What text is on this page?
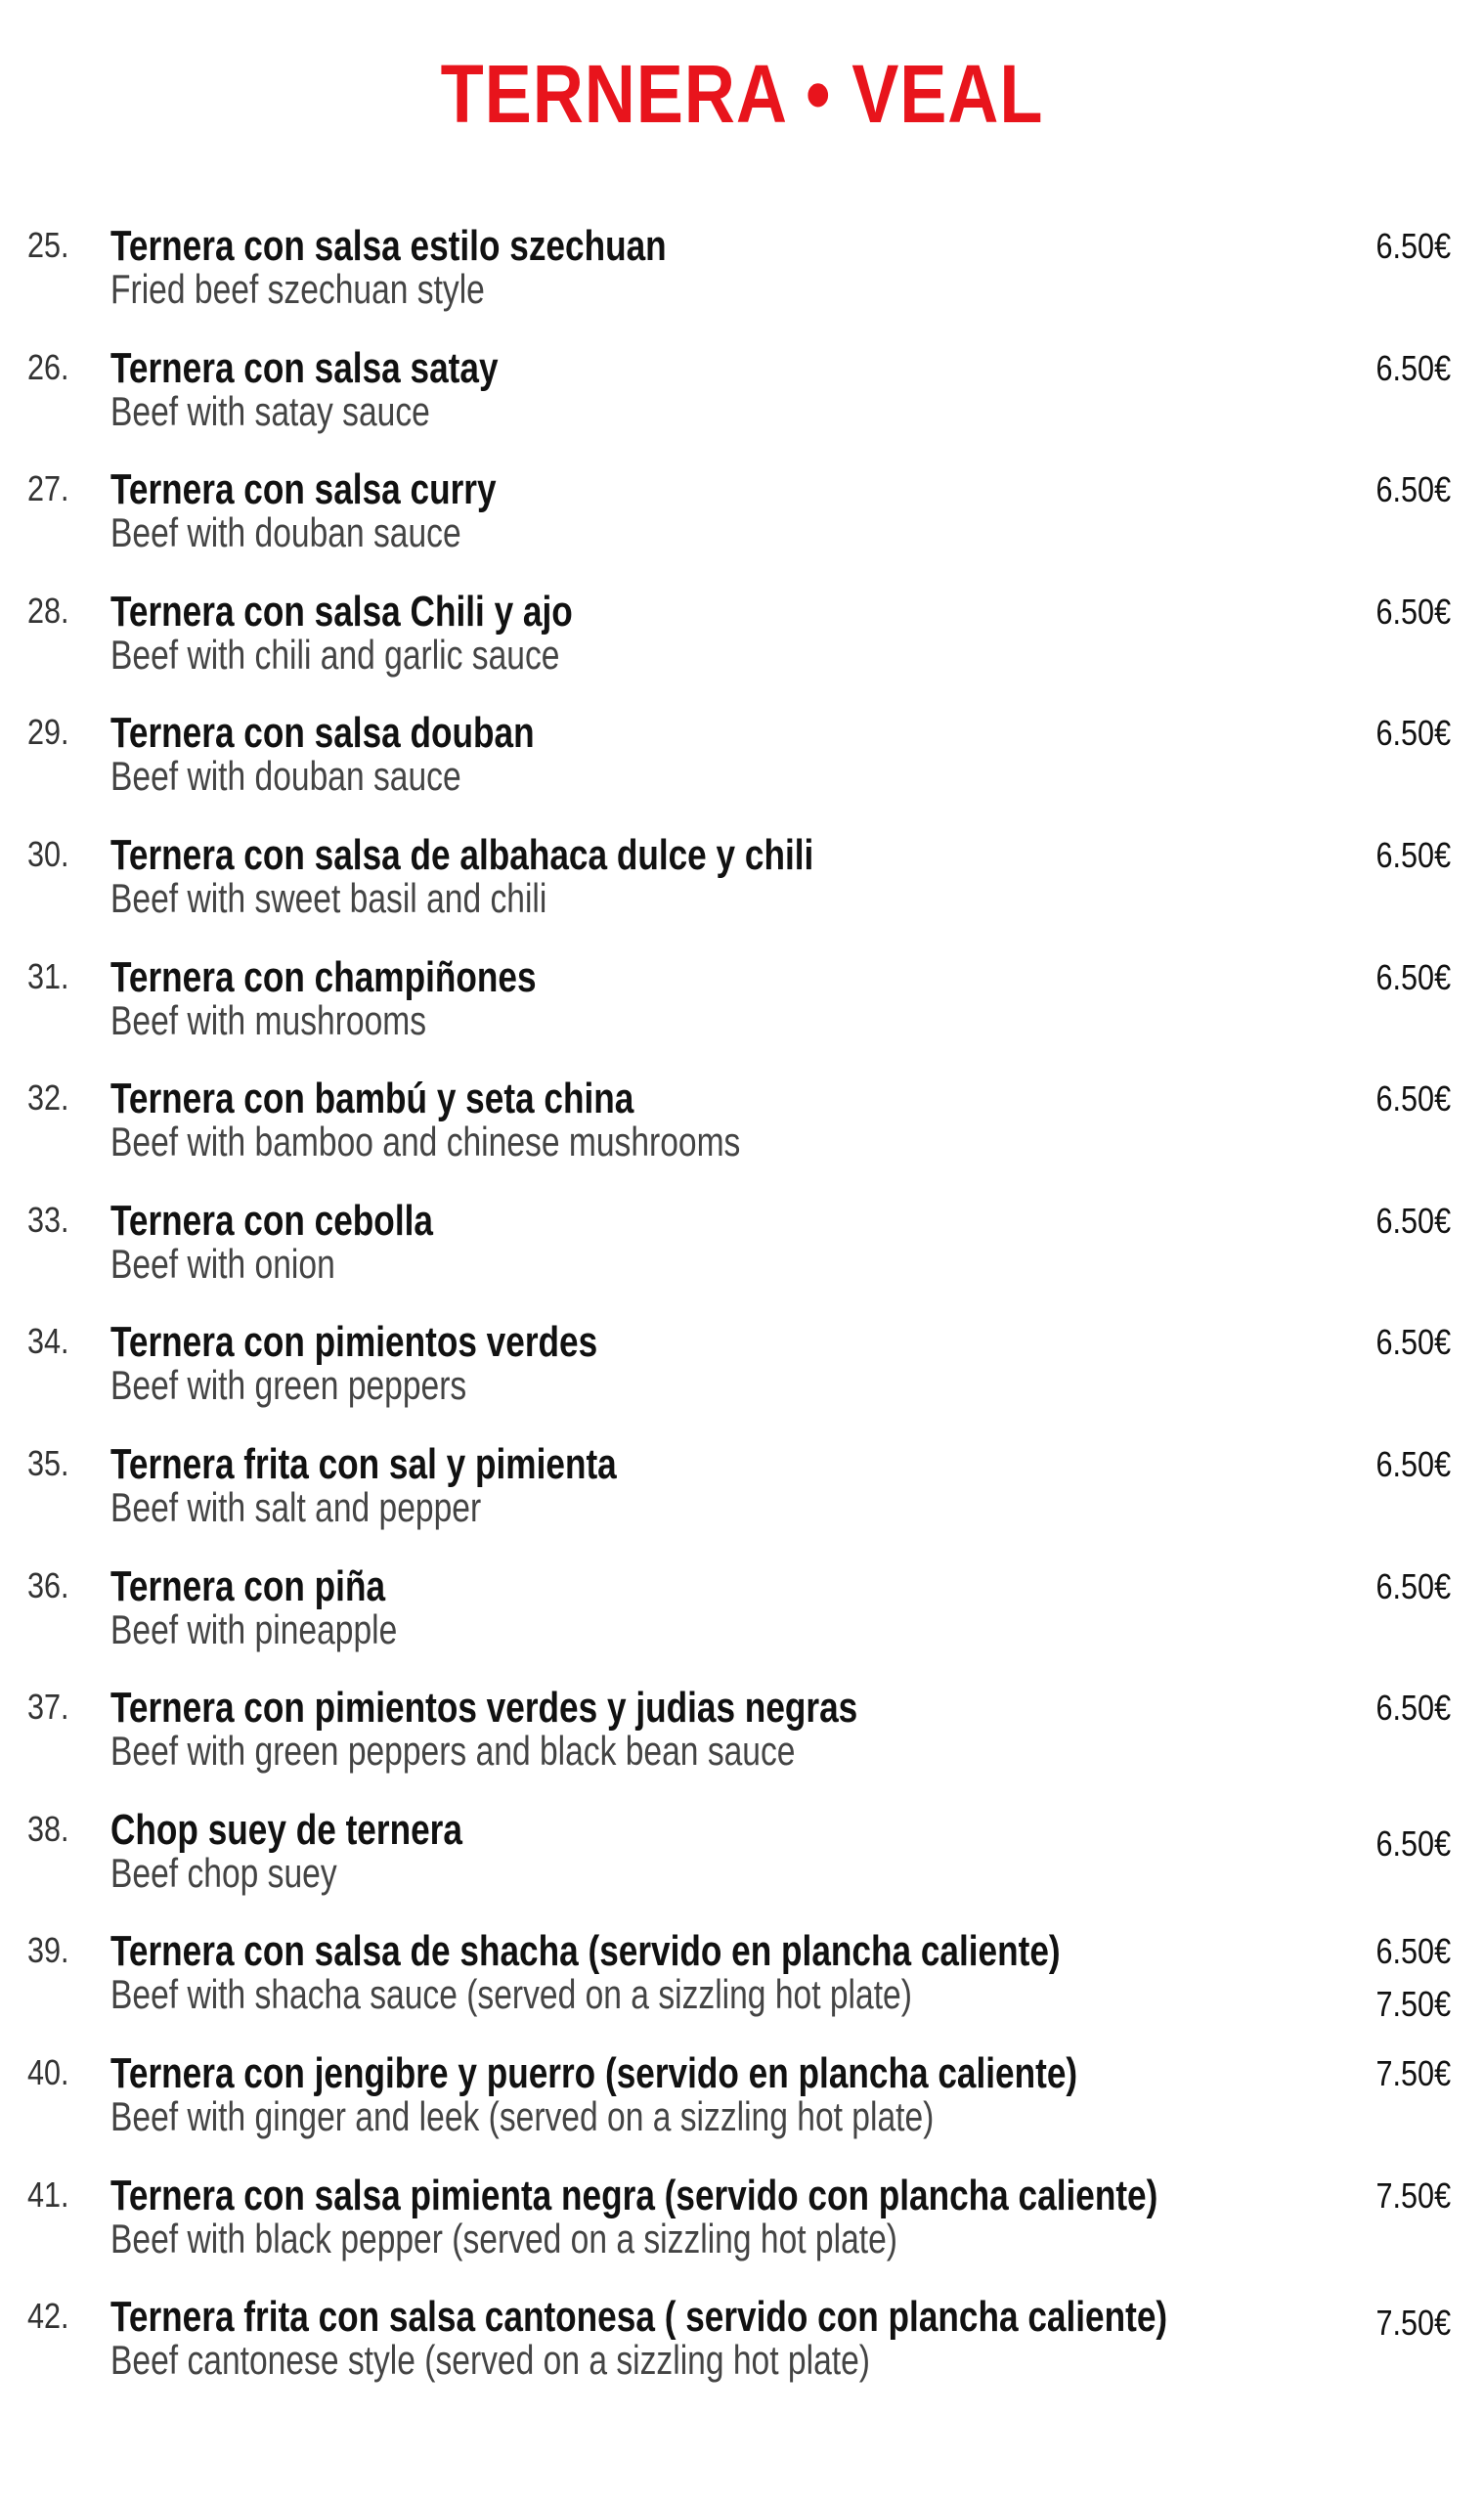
TERNERA • VEAL
25. Ternera con salsa estilo szechuan
Fried beef szechuan style
6.50€
26. Ternera con salsa satay
Beef with satay sauce
6.50€
27. Ternera con salsa curry
Beef with douban sauce
6.50€
28. Ternera con salsa Chili y ajo
Beef with chili and garlic sauce
6.50€
29. Ternera con salsa douban
Beef with douban sauce
6.50€
30. Ternera con salsa de albahaca dulce y chili
Beef with sweet basil and chili
6.50€
31. Ternera con champiñones
Beef with mushrooms
6.50€
32. Ternera con bambú y seta china
Beef with bamboo and chinese mushrooms
6.50€
33. Ternera con cebolla
Beef with onion
6.50€
34. Ternera con pimientos verdes
Beef with green peppers
6.50€
35. Ternera frita con sal y pimienta
Beef with salt and pepper
6.50€
36. Ternera con piña
Beef with pineapple
6.50€
37. Ternera con pimientos verdes y judias negras
Beef with green peppers and black bean sauce
6.50€
38. Chop suey de ternera
Beef chop suey
6.50€
39. Ternera con salsa de shacha (servido en plancha caliente)
Beef with shacha sauce (served on a sizzling hot plate)
6.50€
7.50€
40. Ternera con jengibre y puerro (servido en plancha caliente)
Beef with ginger and leek (served on a sizzling hot plate)
7.50€
41. Ternera con salsa pimienta negra (servido con plancha caliente)
Beef with black pepper (served on a sizzling hot plate)
7.50€
42. Ternera frita con salsa cantonesa ( servido con plancha caliente)
Beef cantonese style (served on a sizzling hot plate)
7.50€
